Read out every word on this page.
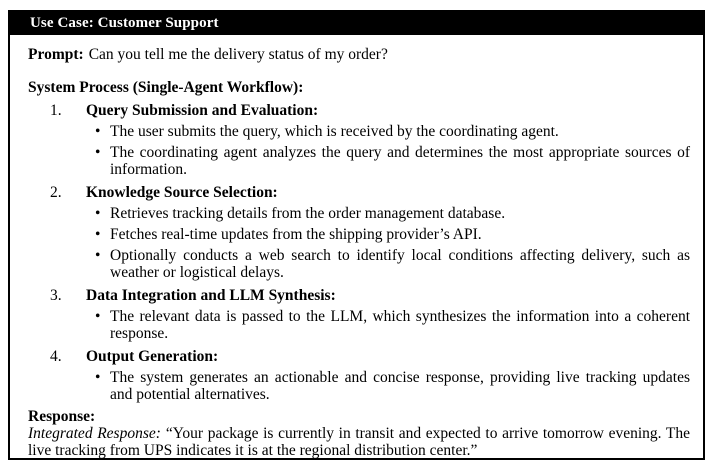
Use Case: Customer Support

Prompt: Can you tell me the delivery status of my order?

System Process (Single-Agent Workflow):

1.	Query Submission and Evaluation:
• The user submits the query, which is received by the coordinating agent.
• The coordinating agent analyzes the query and determines the most appropriate sources of information.
2.	Knowledge Source Selection:
• Retrieves tracking details from the order management database.
• Fetches real-time updates from the shipping provider’s API.
• Optionally conducts a web search to identify local conditions affecting delivery, such as weather or logistical delays.
3.	Data Integration and LLM Synthesis:
• The relevant data is passed to the LLM, which synthesizes the information into a coherent response.
4.	Output Generation:
• The system generates an actionable and concise response, providing live tracking updates and potential alternatives.

Response:

Integrated Response: “Your package is currently in transit and expected to arrive tomorrow evening. The live tracking from UPS indicates it is at the regional distribution center.”
